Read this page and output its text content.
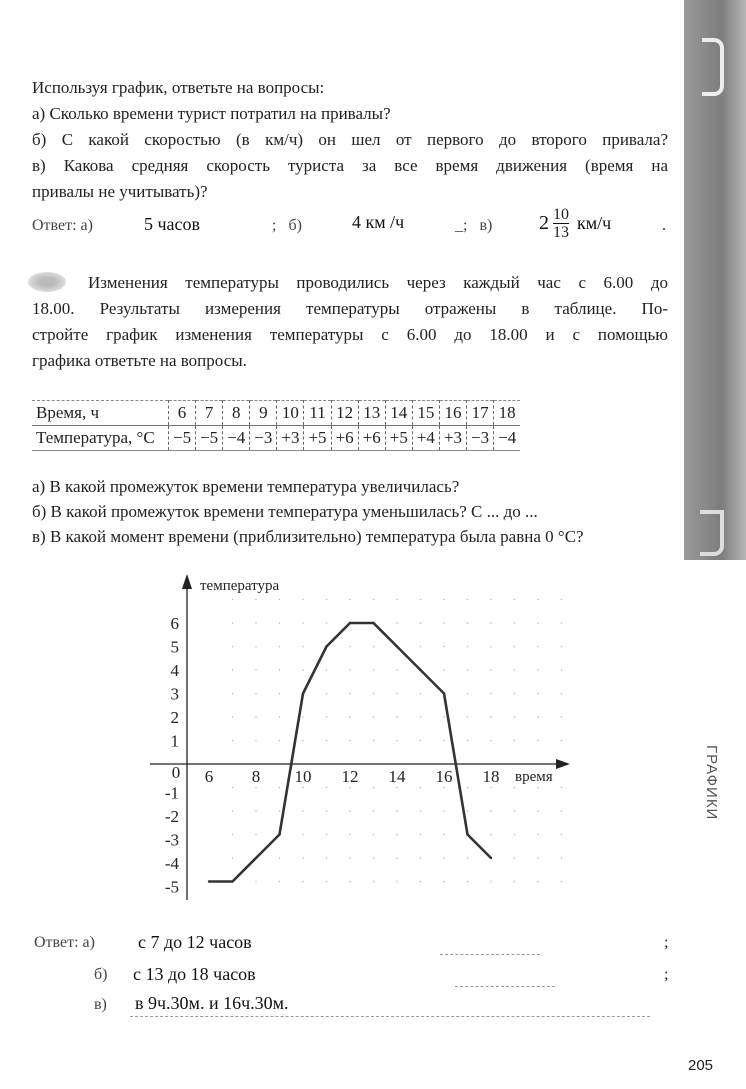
ГРАФИКИ
Используя график, ответьте на вопросы:
а) Сколько времени турист потратил на привалы?
б) С какой скоростью (в км/ч) он шел от первого до второго привала?
в) Какова средняя скорость туриста за все время движения (время на
привалы не учитывать)?
Ответ: а)	5 часов	;   б)	4 км /ч	_;   в) $2 \frac{10}{13} км/ч$	.
Изменения температуры проводились через каждый час с 6.00 до
18.00. Результаты измерения температуры отражены в таблице. По-
стройте график изменения температуры с 6.00 до 18.00 и с помощью
графика ответьте на вопросы.
Время, ч	6	7	8	9	10	11	12	13	14	15	16	17	18
Температура, °C	−5	−5	−4	−3	+3	+5	+6	+6	+5	+4	+3	−3	−4
а) В какой промежуток времени температура увеличилась?
б) В какой промежуток времени температура уменьшилась? С ... до ...
в) В какой момент времени (приблизительно) температура была равна 0 °C?
температура
время
0 6 8 10 12 14 16 18
6
5
4
3
2
1
-1
-2
-3
-4
-5
Ответ: а) с 7 до 12 часов	;
б) с 13 до 18 часов	;
в) в 9ч.30м. и 16ч.30м.
205
